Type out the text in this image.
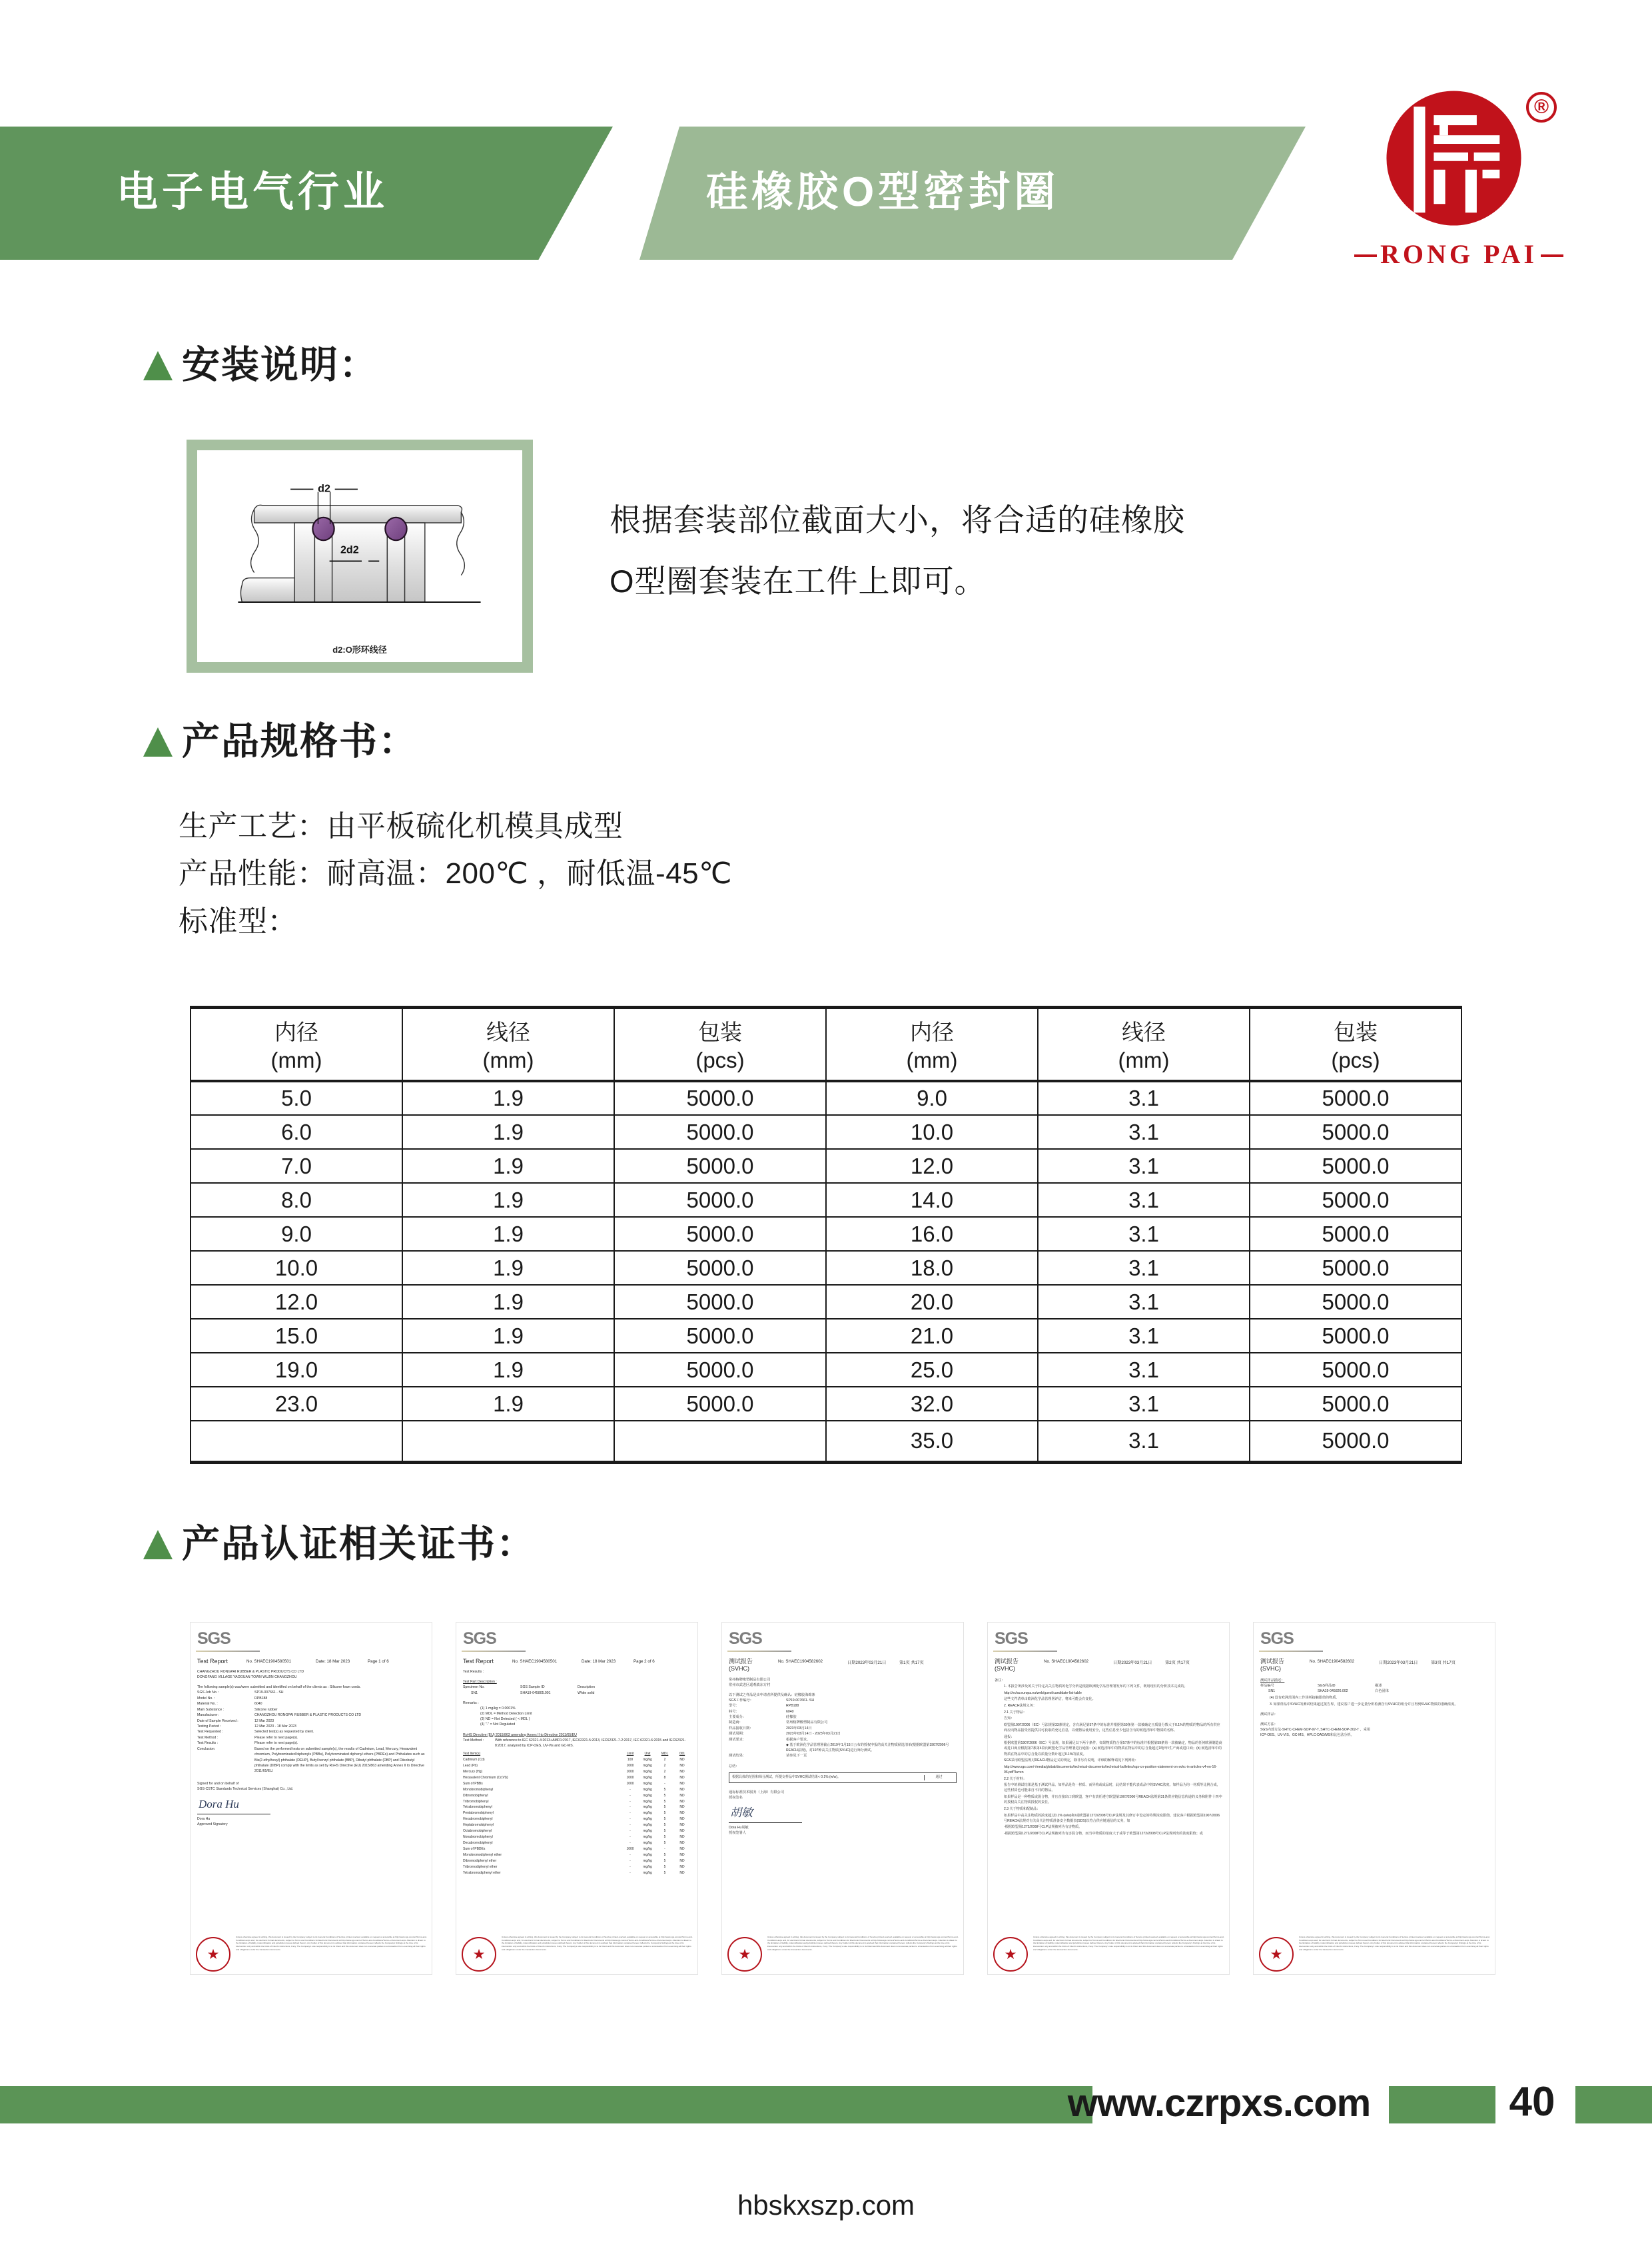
电子电气行业	硅橡胶O型密封圈
®
RONG PAI
安装说明：
d2
2d2
d2:O形环线径

根据套装部位截面大小，将合适的硅橡胶

O型圈套装在工件上即可。

产品规格书：

生产工艺：由平板硫化机模具成型

产品性能：耐高温：200℃ ，耐低温-45℃

标准型：

内径	线径	包装	内径	线径	包装
(mm)	(mm)	(pcs)	(mm)	(mm)	(pcs)
5.0	1.9	5000.0	9.0	3.1	5000.0
6.0	1.9	5000.0	10.0	3.1	5000.0
7.0	1.9	5000.0	12.0	3.1	5000.0
8.0	1.9	5000.0	14.0	3.1	5000.0
9.0	1.9	5000.0	16.0	3.1	5000.0
10.0	1.9	5000.0	18.0	3.1	5000.0
12.0	1.9	5000.0	20.0	3.1	5000.0
15.0	1.9	5000.0	21.0	3.1	5000.0
19.0	1.9	5000.0	25.0	3.1	5000.0
23.0	1.9	5000.0	32.0	3.1	5000.0
			35.0	3.1	5000.0
产品认证相关证书：
SGS
Test Report	No. SHAEC1904580501	Date: 18 Mar 2023	Page 1 of 6
CHANGZHOU RONGPAI RUBBER & PLASTIC PRODUCTS CO LTD
DONGFANG VILLAGE YAOGUAN TOWN WUJIN CHANGZHOU
The following sample(s) was/were submitted and identified on behalf of the clients as : Silicone foam cords.
SGS Job No. :	SP19-007661 - SH
Model No. :	RPB188
Material No. :	6040
Main Substance :	Silicone rubber
Manufacturer :	CHANGZHOU RONGPAI RUBBER & PLASTIC PRODUCTS CO LTD
Date of Sample Received :	12 Mar 2023
Testing Period :	12 Mar 2023 - 18 Mar 2023
Test Requested :	Selected test(s) as requested by client.
Test Method :	Please refer to next page(s).
Test Results :	Please refer to next page(s).
Conclusion:	Based on the performed tests on submitted sample(s), the results of Cadmium, Lead, Mercury, Hexavalent chromium, Polybrominated biphenyls (PBBs), Polybrominated diphenyl ethers (PBDEs) and Phthalates such as Bis(2-ethylhexyl) phthalate (DEHP), Butyl benzyl phthalate (BBP), Dibutyl phthalate (DBP) and Diisobutyl phthalate (DIBP) comply with the limits as set by RoHS Directive (EU) 2015/863 amending Annex II to Directive 2011/65/EU.
Signed for and on behalf of
SGS-CSTC Standards Technical Services (Shanghai) Co., Ltd.
Dora Hu
Dora Hu
Approved Signatory
★
Unless otherwise agreed in writing, this document is issued by the Company subject to its General Conditions of Service printed overleaf, available on request or accessible at http://www.sgs.com/en/Terms-and-Conditions.aspx and, for electronic format documents, subject to Terms and Conditions for Electronic Documents at http://www.sgs.com/en/Terms-and-Conditions/Terms-e-Document.aspx. Attention is drawn to the limitation of liability, indemnification and jurisdiction issues defined therein. Any holder of this document is advised that information contained hereon reflects the Company's findings at the time of its intervention only and within the limits of Client's instructions, if any. The Company's sole responsibility is to its Client and this document does not exonerate parties to a transaction from exercising all their rights and obligations under the transaction documents.
SGS
Test Report	No. SHAEC1904580501	Date: 18 Mar 2023	Page 2 of 6
Test Results :
Test Part Description :
Specimen No.	SGS Sample ID	Description
SN1	SHA19-045805.001	White solid
Remarks :
(1) 1 mg/kg = 0.0001%
(2) MDL = Method Detection Limit
(3) ND = Not Detected ( < MDL )
(4) "-" = Not Regulated
RoHS Directive (EU) 2015/863 amending Annex II to Directive 2011/65/EU
Test Method :	With reference to IEC 62321-4:2013+AMD1:2017, IEC62321-5:2013, IEC62321-7-2:2017, IEC 62321-6:2015 and IEC62321-8:2017, analyzed by ICP-OES, UV-Vis and GC-MS.
Test Item(s)	Limit	Unit	MDL	001
Cadmium (Cd)	100	mg/kg	2	ND
Lead (Pb)	1000	mg/kg	2	ND
Mercury (Hg)	1000	mg/kg	2	ND
Hexavalent Chromium (Cr(VI))	1000	mg/kg	8	ND
Sum of PBBs	1000	mg/kg	-	ND
Monobromobiphenyl	-	mg/kg	5	ND
Dibromobiphenyl	-	mg/kg	5	ND
Tribromobiphenyl	-	mg/kg	5	ND
Tetrabromobiphenyl	-	mg/kg	5	ND
Pentabromobiphenyl	-	mg/kg	5	ND
Hexabromobiphenyl	-	mg/kg	5	ND
Heptabromobiphenyl	-	mg/kg	5	ND
Octabromobiphenyl	-	mg/kg	5	ND
Nonabromobiphenyl	-	mg/kg	5	ND
Decabromobiphenyl	-	mg/kg	5	ND
Sum of PBDEs	1000	mg/kg	-	ND
Monobromodiphenyl ether	-	mg/kg	5	ND
Dibromodiphenyl ether	-	mg/kg	5	ND
Tribromodiphenyl ether	-	mg/kg	5	ND
Tetrabromodiphenyl ether	-	mg/kg	5	ND
★
Unless otherwise agreed in writing, this document is issued by the Company subject to its General Conditions of Service printed overleaf, available on request or accessible at http://www.sgs.com/en/Terms-and-Conditions.aspx and, for electronic format documents, subject to Terms and Conditions for Electronic Documents at http://www.sgs.com/en/Terms-and-Conditions/Terms-e-Document.aspx. Attention is drawn to the limitation of liability, indemnification and jurisdiction issues defined therein. Any holder of this document is advised that information contained hereon reflects the Company's findings at the time of its intervention only and within the limits of Client's instructions, if any. The Company's sole responsibility is to its Client and this document does not exonerate parties to a transaction from exercising all their rights and obligations under the transaction documents.
SGS
测试报告
(SVHC)
No. SHAEC1904582602	日期2023年03月21日	第1页 共17页
常州榕牌橡塑制品有限公司
常州市武进区遥观镇东方村
以下测试之样品是由申请者所提供及确认：硅橡胶海绵条
SGS工作编号：	SP19-007661- SH
型号：	RPB188
料号：	6040
主要成分：	硅橡胶
制造商：	常州榕牌橡塑制品有限公司
样品接收日期：	2023年03月14日
测试周期：	2023年03月14日 - 2023年03月21日
测试要求：	根据客户要求。
◆ 基于欧洲化学品管理署截止2019年1月15日公布的授权申报的高关注物质候选清单(根据欧盟第1907/2006号REACH法规)，对197种高关注物质(SVHC)进行筛分测试。
测试结果：	请参见下一页
总结：
根据具体的范围和筛分测试，所提交样品中SVHC测试结果< 0.1% (w/w)。	通过
通标标准技术服务（上海）有限公司
授权签名
胡敏
Dora Hu胡敏
授权签署人
★
Unless otherwise agreed in writing, this document is issued by the Company subject to its General Conditions of Service printed overleaf, available on request or accessible at http://www.sgs.com/en/Terms-and-Conditions.aspx and, for electronic format documents, subject to Terms and Conditions for Electronic Documents at http://www.sgs.com/en/Terms-and-Conditions/Terms-e-Document.aspx. Attention is drawn to the limitation of liability, indemnification and jurisdiction issues defined therein. Any holder of this document is advised that information contained hereon reflects the Company's findings at the time of its intervention only and within the limits of Client's instructions, if any. The Company's sole responsibility is to its Client and this document does not exonerate parties to a transaction from exercising all their rights and obligations under the transaction documents.
SGS
测试报告
(SVHC)
No. SHAEC1904582602	日期2023年03月21日	第2页 共17页
备注：
1. 本报告所涉及的关于特定高关注物质的化学分析是根据欧洲化学品管理署发布的下列文件，利用现有的分析技术完成的。
http://echa.europa.eu/web/guest/candidate-list-table
这些文件清单由欧洲化学品管理署评估，将来可能会有变化。
2. REACH法规义务：
2.1 关于物品：
告知：
欧盟第1907/2006（EC）号法规第33条规定，含有满足第57条中的标准并根据第59条第一款被确定且质量分数大于0.1%的物质的物品的所有供应商应向物品接受者提供其可获取的充足信息，以便物品使用安全，这些信息至少包括含有的候选清单中物质的名称。
通报：
根据欧盟第1907/2006（EC）号法规，如果满足以下两个条件，如果物质符合第57条中的标准并根据第59条第一款被确定，物品的任何欧洲制造商或进口商应根据第7条第4款向欧盟化学品管理署进行通报：(a) 候选清单中的物质在物品中的总含量超过1吨/年/生产商或进口商；(b) 候选清单中的物质在物品中的总含量以质量分数计超过0.1%的浓度。
SGS采用欧盟法规对REACH物品定义的规定，除非另有说明，详细的解释请见下列网址：
http://www.sgs.com/-/media/global/documents/technical-documents/technical-bulletins/sgs-cn-position-statement-on-svhc-in-articles-v4-en-16-06.pdf?la=en
2.2 关于材料：
报告中的测试结果是基于测试样品。如样品是均一材质、而异构或成品时，此结果不能代表成品中的SVHC浓度。如样品为均一材质等比例合成，这些材质也可能来自不同的物品。
如果样品是一种物质或混合物，并且直接出口到欧盟，客户有责任遵守欧盟第1907/2006号REACH法规第31条供应链信息传递的义务和附件十四中的授权高关注物质授权的责任。
2.3 关于物质和配制品：
如果样品中高关注物质的浓度超过0.1% (w/w)和/或欧盟第1272/2008号CLP法规及其修订中设定的特殊浓度限值，建议客户根据欧盟第1907/2006号REACH法规对有关高关注物质准备安全数据表(SDS)以符合供应链通信的义务，如
-根据欧盟第1272/2008号CLP法规被列为有害物质。
-根据欧盟第1272/2008号CLP法规被列为有害混合物，而当中物质的浓度大于或等于欧盟第1272/2008号CLP法规列出的浓度限值；或
★
Unless otherwise agreed in writing, this document is issued by the Company subject to its General Conditions of Service printed overleaf, available on request or accessible at http://www.sgs.com/en/Terms-and-Conditions.aspx and, for electronic format documents, subject to Terms and Conditions for Electronic Documents at http://www.sgs.com/en/Terms-and-Conditions/Terms-e-Document.aspx. Attention is drawn to the limitation of liability, indemnification and jurisdiction issues defined therein. Any holder of this document is advised that information contained hereon reflects the Company's findings at the time of its intervention only and within the limits of Client's instructions, if any. The Company's sole responsibility is to its Client and this document does not exonerate parties to a transaction from exercising all their rights and obligations under the transaction documents.
SGS
测试报告
(SVHC)
No. SHAEC1904582602	日期2023年03月21日	第3页 共17页
测试样品描述：
样品编号	SGS样品ID	描述
SN1	SHA19-045826.002	白色固体
(4) 没有欧洲范围内工作场所接触限值的物质。
3. 如果样品中SVHC的测试结果超过报告界，建议客户进一步定量分析检测含有SVHC的组分并且得到SVHC物质的准确浓度。
测试样品：
测试方法：
SGS内部方法-SHTC-CHEM-SOP-97-T, SHTC-CHEM-SOP-302-T ，采用
ICP-OES、UV-VIS、GC-MS、HPLC-DAD/MS和比色法分析。
★
Unless otherwise agreed in writing, this document is issued by the Company subject to its General Conditions of Service printed overleaf, available on request or accessible at http://www.sgs.com/en/Terms-and-Conditions.aspx and, for electronic format documents, subject to Terms and Conditions for Electronic Documents at http://www.sgs.com/en/Terms-and-Conditions/Terms-e-Document.aspx. Attention is drawn to the limitation of liability, indemnification and jurisdiction issues defined therein. Any holder of this document is advised that information contained hereon reflects the Company's findings at the time of its intervention only and within the limits of Client's instructions, if any. The Company's sole responsibility is to its Client and this document does not exonerate parties to a transaction from exercising all their rights and obligations under the transaction documents.
www.czrpxs.com	40
hbskxszp.com
